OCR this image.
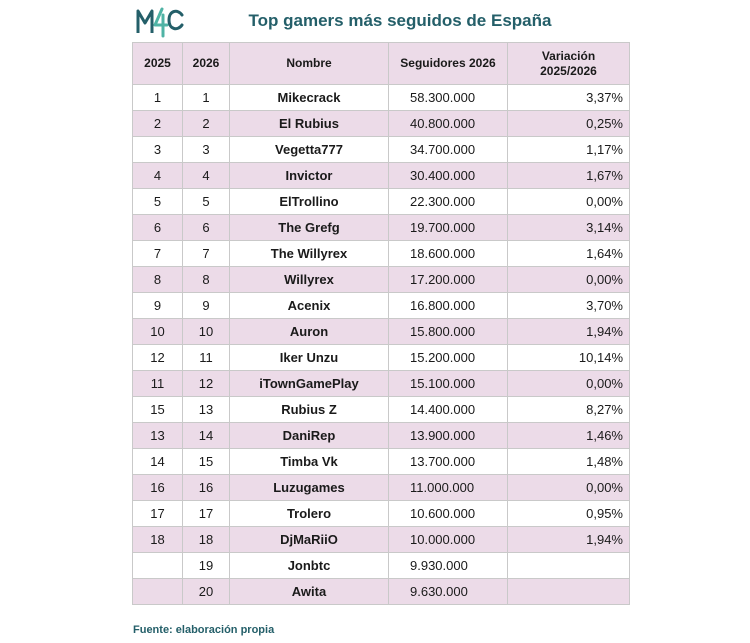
Top gamers más seguidos de España
2025	2026	Nombre	Seguidores 2026	Variación
2025/2026
1	1	Mikecrack	58.300.000	3,37%
2	2	El Rubius	40.800.000	0,25%
3	3	Vegetta777	34.700.000	1,17%
4	4	Invictor	30.400.000	1,67%
5	5	ElTrollino	22.300.000	0,00%
6	6	The Grefg	19.700.000	3,14%
7	7	The Willyrex	18.600.000	1,64%
8	8	Willyrex	17.200.000	0,00%
9	9	Acenix	16.800.000	3,70%
10	10	Auron	15.800.000	1,94%
12	11	Iker Unzu	15.200.000	10,14%
11	12	iTownGamePlay	15.100.000	0,00%
15	13	Rubius Z	14.400.000	8,27%
13	14	DaniRep	13.900.000	1,46%
14	15	Timba Vk	13.700.000	1,48%
16	16	Luzugames	11.000.000	0,00%
17	17	Trolero	10.600.000	0,95%
18	18	DjMaRiiO	10.000.000	1,94%
	19	Jonbtc	9.930.000	
	20	Awita	9.630.000	
Fuente: elaboración propia
